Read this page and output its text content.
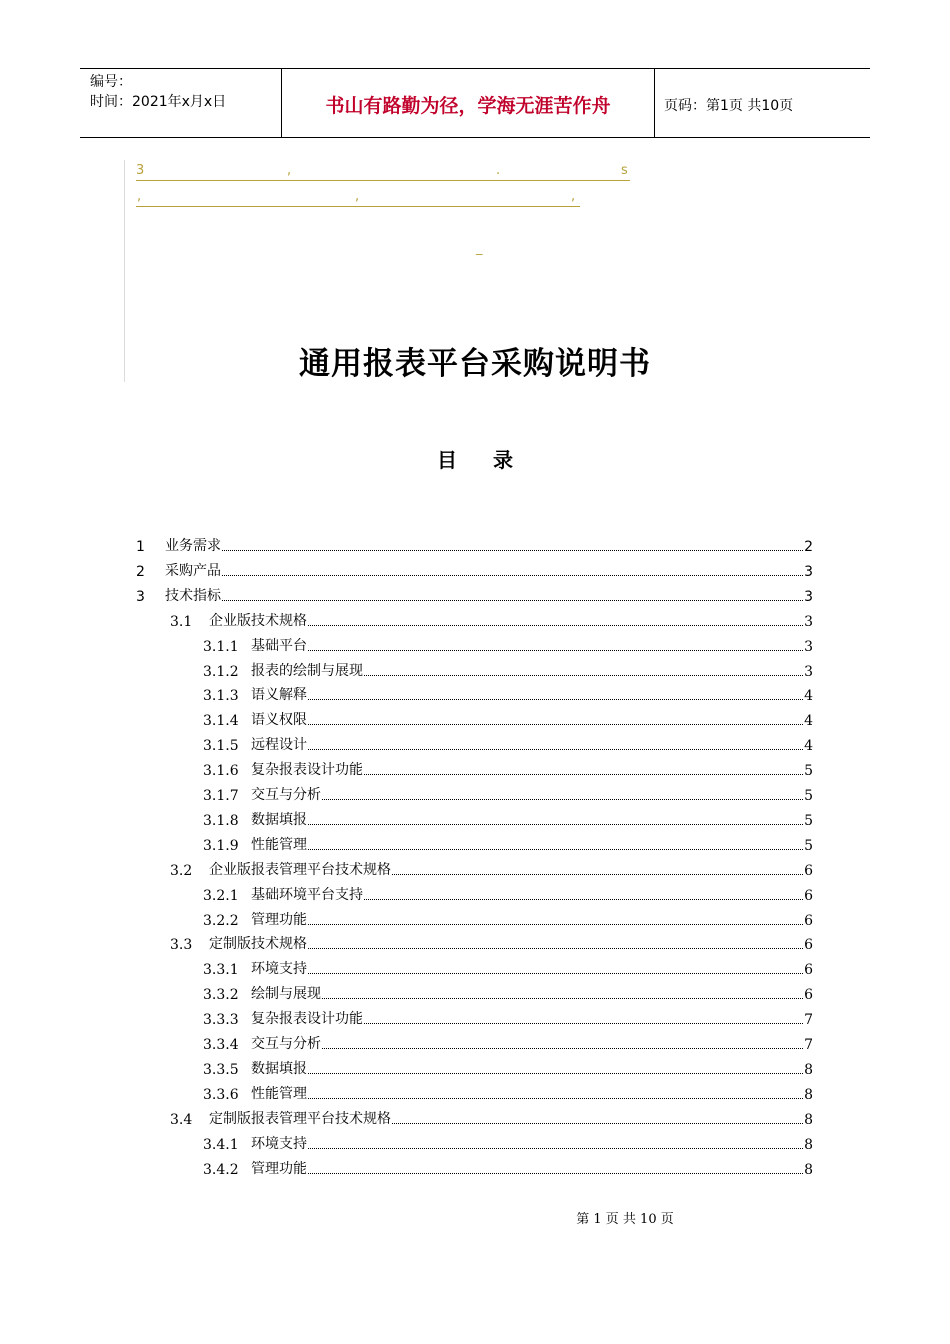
编号：
时间：2021年x月x日	书山有路勤为径，学海无涯苦作舟	页码：第1页 共10页
3	,	.	s
,	,	,
_
通用报表平台采购说明书
目录
1	业务需求	2
2	采购产品	3
3	技术指标	3
3.1	企业版技术规格	3
3.1.1 基础平台	3
3.1.2 报表的绘制与展现	3
3.1.3 语义解释	4
3.1.4 语义权限	4
3.1.5 远程设计	4
3.1.6 复杂报表设计功能	5
3.1.7 交互与分析	5
3.1.8 数据填报	5
3.1.9 性能管理	5
3.2	企业版报表管理平台技术规格	6
3.2.1 基础环境平台支持	6
3.2.2 管理功能	6
3.3	定制版技术规格	6
3.3.1 环境支持	6
3.3.2 绘制与展现	6
3.3.3 复杂报表设计功能	7
3.3.4 交互与分析	7
3.3.5 数据填报	8
3.3.6 性能管理	8
3.4	定制版报表管理平台技术规格	8
3.4.1 环境支持	8
3.4.2 管理功能	8
第 1 页 共 10 页
